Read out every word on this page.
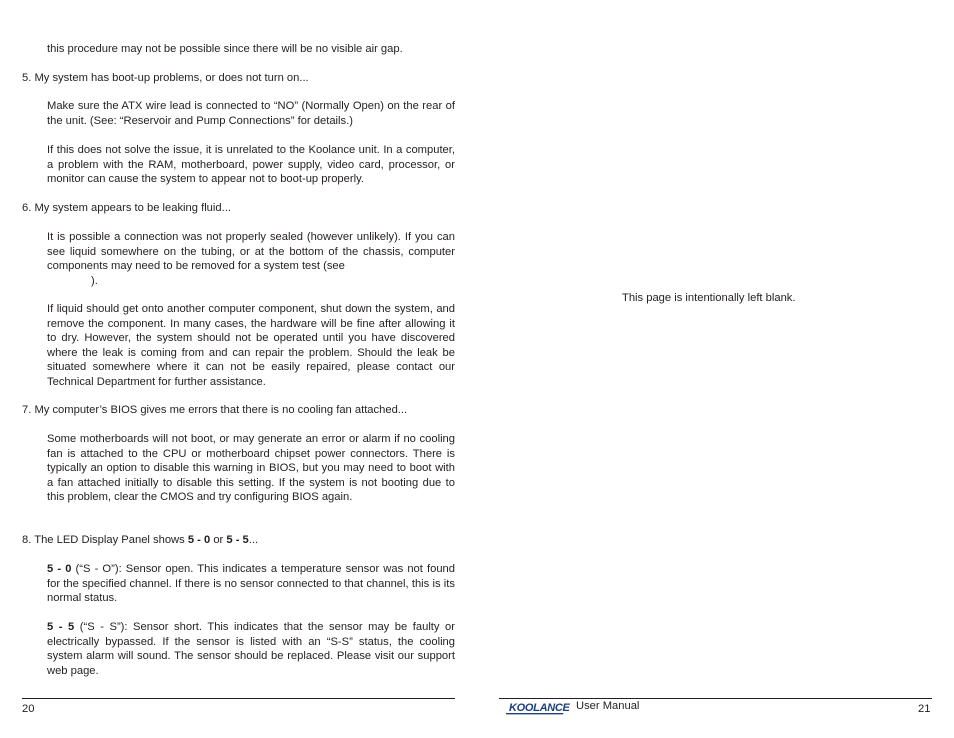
this procedure may not be possible since there will be no visible air gap.

5. My system has boot-up problems, or does not turn on...

Make sure the ATX wire lead is connected to “NO” (Normally Open) on the rear of the unit. (See: “Reservoir and Pump Connections” for details.)

If this does not solve the issue, it is unrelated to the Koolance unit. In a computer, a problem with the RAM, motherboard, power supply, video card, processor, or monitor can cause the system to appear not to boot-up properly.

6. My system appears to be leaking fluid...

It is possible a connection was not properly sealed (however unlikely). If you can see liquid somewhere on the tubing, or at the bottom of the chassis, computer components may need to be removed for a system test (see

).

If liquid should get onto another computer component, shut down the system, and remove the component. In many cases, the hardware will be fine after allowing it to dry. However, the system should not be operated until you have discovered where the leak is coming from and can repair the problem. Should the leak be situated somewhere where it can not be easily repaired, please contact our Technical Department for further assistance.

7. My computer’s BIOS gives me errors that there is no cooling fan attached...

Some motherboards will not boot, or may generate an error or alarm if no cooling fan is attached to the CPU or motherboard chipset power connectors. There is typically an option to disable this warning in BIOS, but you may need to boot with a fan attached initially to disable this setting. If the system is not booting due to this problem, clear the CMOS and try configuring BIOS again.

8. The LED Display Panel shows 5 - 0 or 5 - 5...

5 - 0 (“S - O”): Sensor open. This indicates a temperature sensor was not found for the specified channel. If there is no sensor connected to that channel, this is its normal status.

5 - 5 (“S - S”): Sensor short. This indicates that the sensor may be faulty or electrically bypassed. If the sensor is listed with an “S-S” status, the cooling system alarm will sound. The sensor should be replaced. Please visit our support web page.

20

This page is intentionally left blank.

KOOLANCE User Manual	21
